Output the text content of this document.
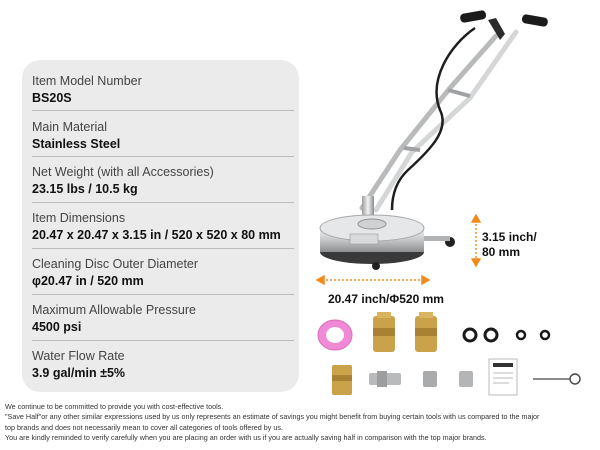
Item Model Number
BS20S
Main Material
Stainless Steel
Net Weight (with all Accessories)
23.15 lbs / 10.5 kg
Item Dimensions
20.47 x 20.47 x 3.15 in / 520 x 520 x 80 mm
Cleaning Disc Outer Diameter
φ20.47 in / 520 mm
Maximum Allowable Pressure
4500 psi
Water Flow Rate
3.9 gal/min ±5%
3.15 inch/
80 mm
20.47 inch/Φ520 mm
We continue to be committed to provide you with cost-effective tools.
"Save Half"or any other similar expressions used by us only represents an estimate of savings you might benefit from buying certain tools with us compared to the major
top brands and does not necessarily mean to cover all categories of tools offered by us.
You are kindly reminded to verify carefully when you are placing an order with us if you are actually saving half in comparison with the top major brands.
